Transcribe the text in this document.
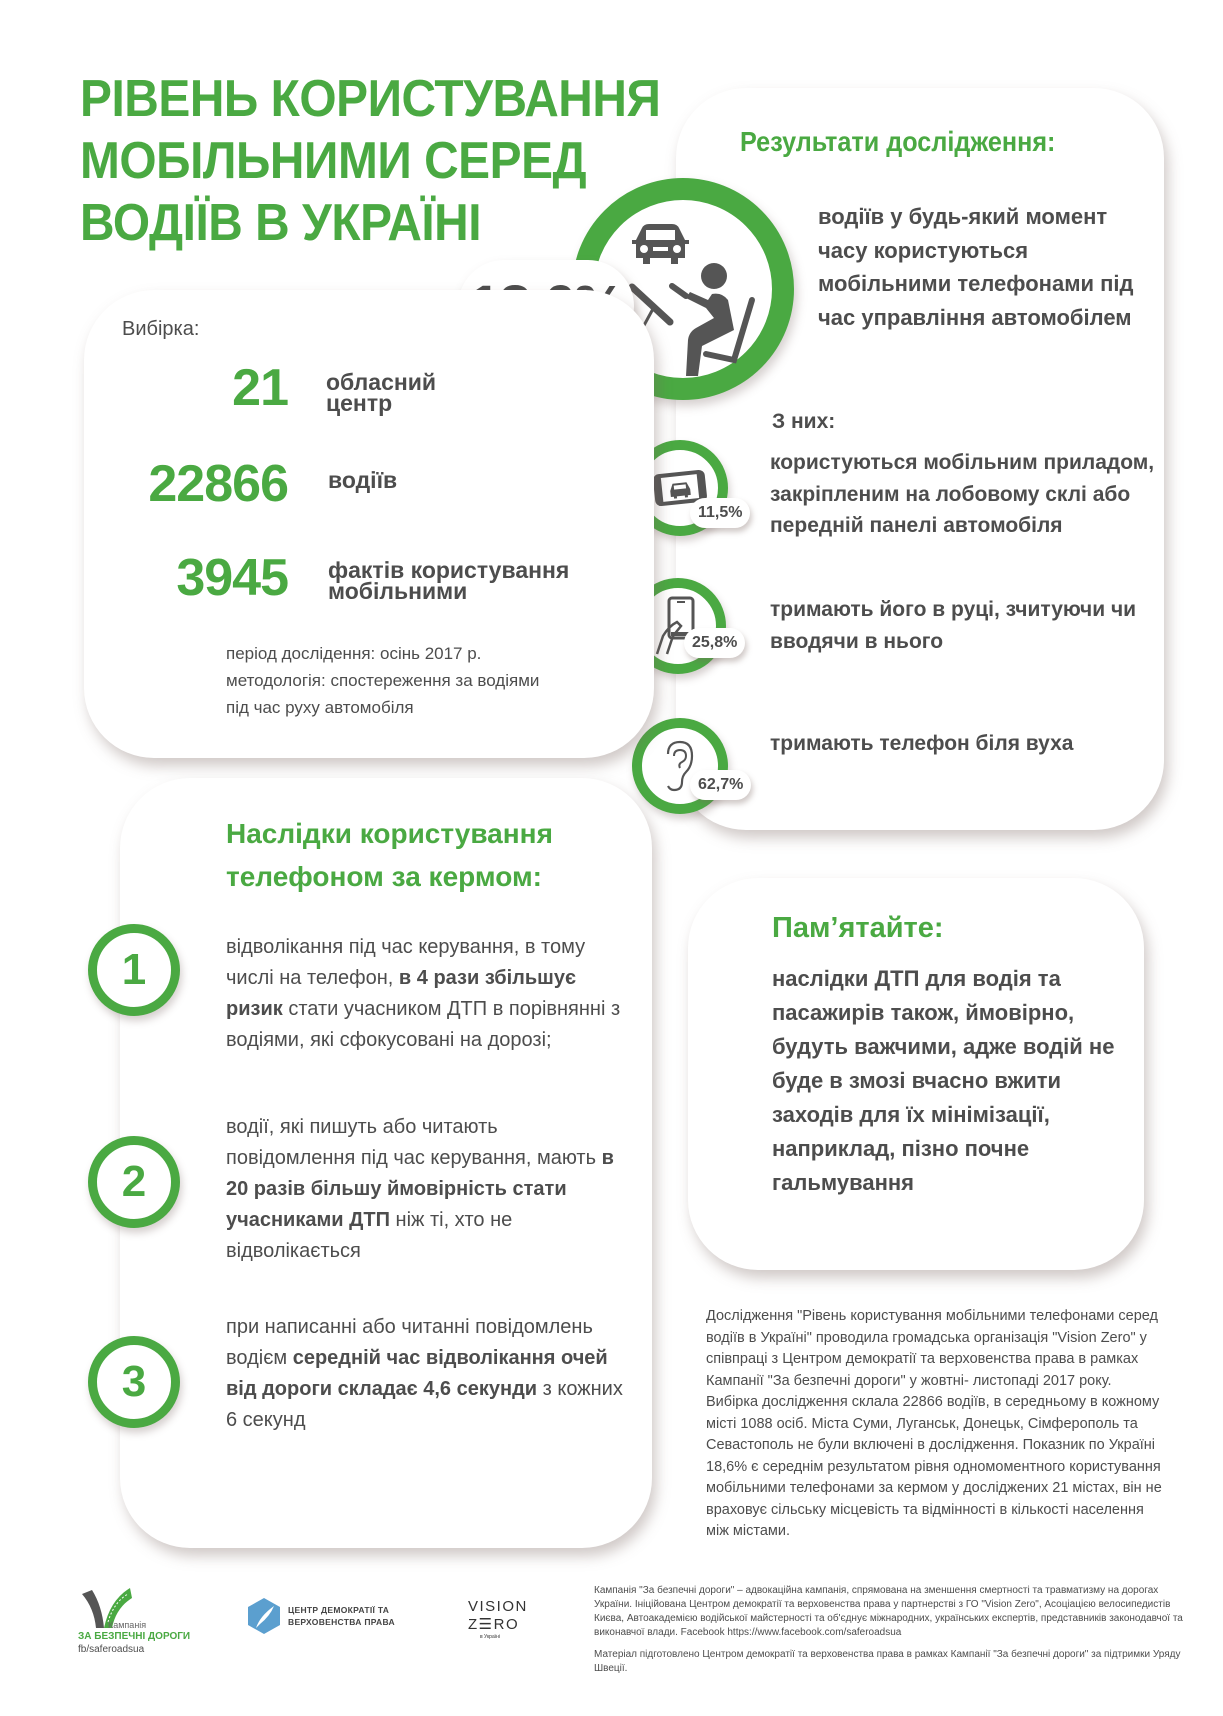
РІВЕНЬ КОРИСТУВАННЯ
МОБІЛЬНИМИ СЕРЕД
ВОДІЇВ В УКРАЇНІ
Результати дослідження:
водіїв у будь-який момент часу користуються мобільними телефонами під час управління автомобілем
З них:
11,5%
користуються мобільним приладом, закріпленим на лобовому склі або передній панелі автомобіля
25,8%
тримають його в руці, зчитуючи чи вводячи в нього
62,7%
тримають телефон біля вуха
Вибірка:
21 обласний
центр
22866 водіїв
3945 фактів користування
мобільними
період дослідення: осінь 2017 р.
методологія: спостереження за водіями
під час руху автомобіля
Наслідки користування
телефоном за кермом:
1	відволікання під час керування, в тому числі на телефон, в 4 рази збільшує ризик стати учасником ДТП в порівнянні з водіями, які сфокусовані на дорозі;
2
водії, які пишуть або читають повідомлення під час керування, мають в 20 разів більшу ймовірність стати учасниками ДТП ніж ті, хто не відволікається
3
при написанні або читанні повідомлень водієм середній час відволікання очей від дороги складає 4,6 секунди з кожних 6 секунд
Пам’ятайте:
наслідки ДТП для водія та пасажирів також, ймовірно, будуть важчими, адже водій не буде в змозі вчасно вжити заходів для їх мінімізації, наприклад, пізно почне гальмування
Дослідження "Рівень користування мобільними телефонами серед водіїв в Україні" проводила громадська організація "Vision Zero" у співпраці з Центром демократії та верховенства права в рамках Кампанії "За безпечні дороги" у жовтні- листопаді 2017 року. Вибірка дослідження склала 22866 водіїв, в середньому в кожному місті 1088 осіб. Міста Суми, Луганськ, Донецьк, Сімферополь та Севастополь не були включені в дослідження. Показник по Україні 18,6% є середнім результатом рівня одномоментного користування мобільними телефонами за кермом у досліджених 21 містах, він не враховує сільську місцевість та відмінності в кількості населення між містами.
Кампанія
ЗА БЕЗПЕЧНІ ДОРОГИ
fb/saferoadsua
ЦЕНТР ДЕМОКРАТІЇ ТА
ВЕРХОВЕНСТВА ПРАВА
VISION
Z☰RO
в Україні

Кампанія "За безпечні дороги" – адвокаційна кампанія, спрямована на зменшення смертності та травматизму на дорогах України. Ініційована Центром демократії та верховенства права у партнерстві з ГО "Vision Zero", Асоціацією велосипедистів Києва, Автоакадемією водійської майстерності та об'єднує міжнародних, українських експертів, представників законодавчої та виконавчої влади. Facebook https://www.facebook.com/saferoadsua

Матеріал підготовлено Центром демократії та верховенства права в рамках Кампанії "За безпечні дороги" за підтримки Уряду Швеції.
